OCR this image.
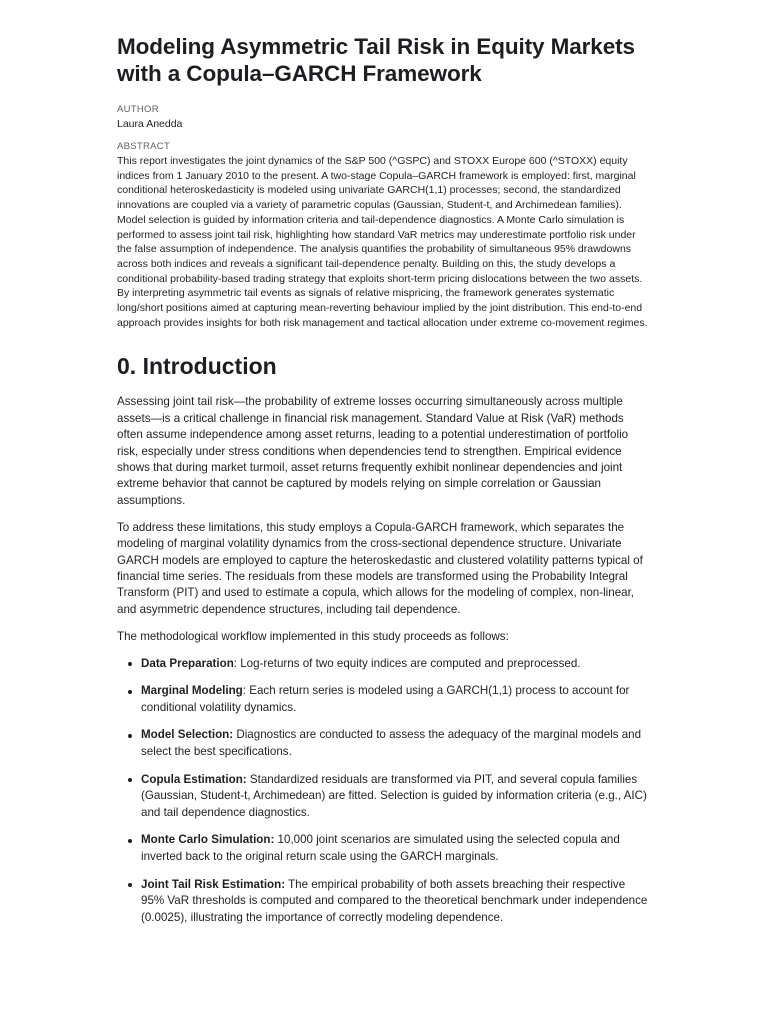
Modeling Asymmetric Tail Risk in Equity Markets with a Copula–GARCH Framework
AUTHOR
Laura Anedda
ABSTRACT

This report investigates the joint dynamics of the S&P 500 (^GSPC) and STOXX Europe 600 (^STOXX) equity indices from 1 January 2010 to the present. A two-stage Copula–GARCH framework is employed: first, marginal conditional heteroskedasticity is modeled using univariate GARCH(1,1) processes; second, the standardized innovations are coupled via a variety of parametric copulas (Gaussian, Student-t, and Archimedean families). Model selection is guided by information criteria and tail-dependence diagnostics. A Monte Carlo simulation is performed to assess joint tail risk, highlighting how standard VaR metrics may underestimate portfolio risk under the false assumption of independence. The analysis quantifies the probability of simultaneous 95% drawdowns across both indices and reveals a significant tail-dependence penalty. Building on this, the study develops a conditional probability-based trading strategy that exploits short-term pricing dislocations between the two assets. By interpreting asymmetric tail events as signals of relative mispricing, the framework generates systematic long/short positions aimed at capturing mean-reverting behaviour implied by the joint distribution. This end-to-end approach provides insights for both risk management and tactical allocation under extreme co-movement regimes.

0. Introduction

Assessing joint tail risk—the probability of extreme losses occurring simultaneously across multiple assets—is a critical challenge in financial risk management. Standard Value at Risk (VaR) methods often assume independence among asset returns, leading to a potential underestimation of portfolio risk, especially under stress conditions when dependencies tend to strengthen. Empirical evidence shows that during market turmoil, asset returns frequently exhibit nonlinear dependencies and joint extreme behavior that cannot be captured by models relying on simple correlation or Gaussian assumptions.

To address these limitations, this study employs a Copula-GARCH framework, which separates the modeling of marginal volatility dynamics from the cross-sectional dependence structure. Univariate GARCH models are employed to capture the heteroskedastic and clustered volatility patterns typical of financial time series. The residuals from these models are transformed using the Probability Integral Transform (PIT) and used to estimate a copula, which allows for the modeling of complex, non-linear, and asymmetric dependence structures, including tail dependence.

The methodological workflow implemented in this study proceeds as follows:

Data Preparation: Log-returns of two equity indices are computed and preprocessed.
Marginal Modeling: Each return series is modeled using a GARCH(1,1) process to account for conditional volatility dynamics.
Model Selection: Diagnostics are conducted to assess the adequacy of the marginal models and select the best specifications.
Copula Estimation: Standardized residuals are transformed via PIT, and several copula families (Gaussian, Student-t, Archimedean) are fitted. Selection is guided by information criteria (e.g., AIC) and tail dependence diagnostics.
Monte Carlo Simulation: 10,000 joint scenarios are simulated using the selected copula and inverted back to the original return scale using the GARCH marginals.
Joint Tail Risk Estimation: The empirical probability of both assets breaching their respective 95% VaR thresholds is computed and compared to the theoretical benchmark under independence (0.0025), illustrating the importance of correctly modeling dependence.
